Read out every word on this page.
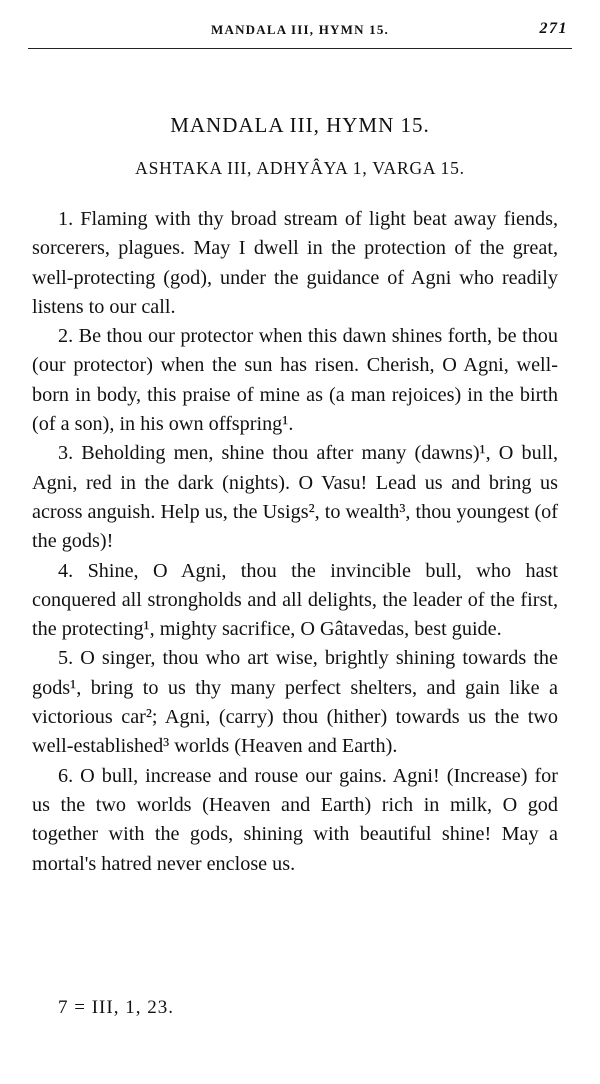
MANDALA III, HYMN 15.	271
MANDALA III, HYMN 15.
ASHTAKA III, ADHYÂYA 1, VARGA 15.

1. Flaming with thy broad stream of light beat away fiends, sorcerers, plagues. May I dwell in the protection of the great, well-protecting (god), under the guidance of Agni who readily listens to our call.

2. Be thou our protector when this dawn shines forth, be thou (our protector) when the sun has risen. Cherish, O Agni, well-born in body, this praise of mine as (a man rejoices) in the birth (of a son), in his own offspring¹.

3. Beholding men, shine thou after many (dawns)¹, O bull, Agni, red in the dark (nights). O Vasu! Lead us and bring us across anguish. Help us, the Usigs², to wealth³, thou youngest (of the gods)!

4. Shine, O Agni, thou the invincible bull, who hast conquered all strongholds and all delights, the leader of the first, the protecting¹, mighty sacrifice, O Gâtavedas, best guide.

5. O singer, thou who art wise, brightly shining towards the gods¹, bring to us thy many perfect shelters, and gain like a victorious car²; Agni, (carry) thou (hither) towards us the two well-established³ worlds (Heaven and Earth).

6. O bull, increase and rouse our gains. Agni! (Increase) for us the two worlds (Heaven and Earth) rich in milk, O god together with the gods, shining with beautiful shine! May a mortal's hatred never enclose us.

7 = III, 1, 23.
